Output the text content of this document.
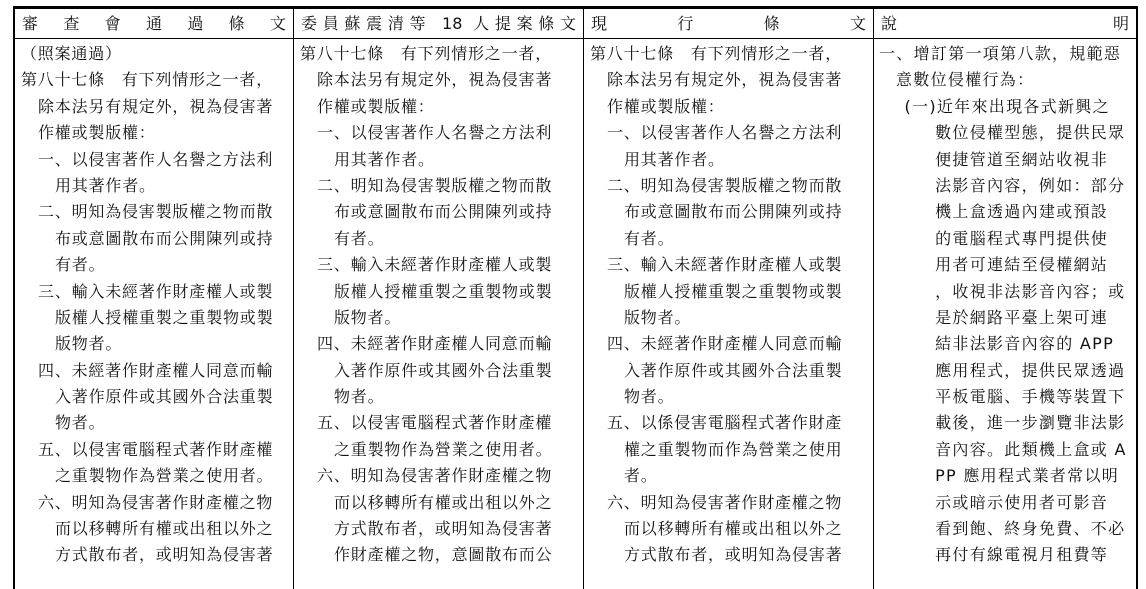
審 查 會 通 過 條 文
（照案通過）
第八十七條　有下列情形之一者，
除本法另有規定外，視為侵害著
作權或製版權：
一、以侵害著作人名譽之方法利
用其著作者。
二、明知為侵害製版權之物而散
布或意圖散布而公開陳列或持
有者。
三、輸入未經著作財產權人或製
版權人授權重製之重製物或製
版物者。
四、未經著作財產權人同意而輸
入著作原件或其國外合法重製
物者。
五、以侵害電腦程式著作財產權
之重製物作為營業之使用者。
六、明知為侵害著作財產權之物
而以移轉所有權或出租以外之
方式散布者，或明知為侵害著
委員蘇震清等 18 人提案條文
第八十七條　有下列情形之一者，
除本法另有規定外，視為侵害著
作權或製版權：
一、以侵害著作人名譽之方法利
用其著作者。
二、明知為侵害製版權之物而散
布或意圖散布而公開陳列或持
有者。
三、輸入未經著作財產權人或製
版權人授權重製之重製物或製
版物者。
四、未經著作財產權人同意而輸
入著作原件或其國外合法重製
物者。
五、以侵害電腦程式著作財產權
之重製物作為營業之使用者。
六、明知為侵害著作財產權之物
而以移轉所有權或出租以外之
方式散布者，或明知為侵害著
作財產權之物，意圖散布而公
現 行 條 文
第八十七條　有下列情形之一者，
除本法另有規定外，視為侵害著
作權或製版權：
一、以侵害著作人名譽之方法利
用其著作者。
二、明知為侵害製版權之物而散
布或意圖散布而公開陳列或持
有者。
三、輸入未經著作財產權人或製
版權人授權重製之重製物或製
版物者。
四、未經著作財產權人同意而輸
入著作原件或其國外合法重製
物者。
五、以係侵害電腦程式著作財產
權之重製物而作為營業之使用
者。
六、明知為侵害著作財產權之物
而以移轉所有權或出租以外之
方式散布者，或明知為侵害著
說 明
一、增訂第一項第八款，規範惡
意數位侵權行為：
(一)近年來出現各式新興之
數位侵權型態，提供民眾
便捷管道至網站收視非
法影音內容，例如：部分
機上盒透過內建或預設
的電腦程式專門提供使
用者可連結至侵權網站
，收視非法影音內容；或
是於網路平臺上架可連
結非法影音內容的 APP
應用程式，提供民眾透過
平板電腦、手機等裝置下
載後，進一步瀏覽非法影
音內容。此類機上盒或 A
PP 應用程式業者常以明
示或暗示使用者可影音
看到飽、終身免費、不必
再付有線電視月租費等
